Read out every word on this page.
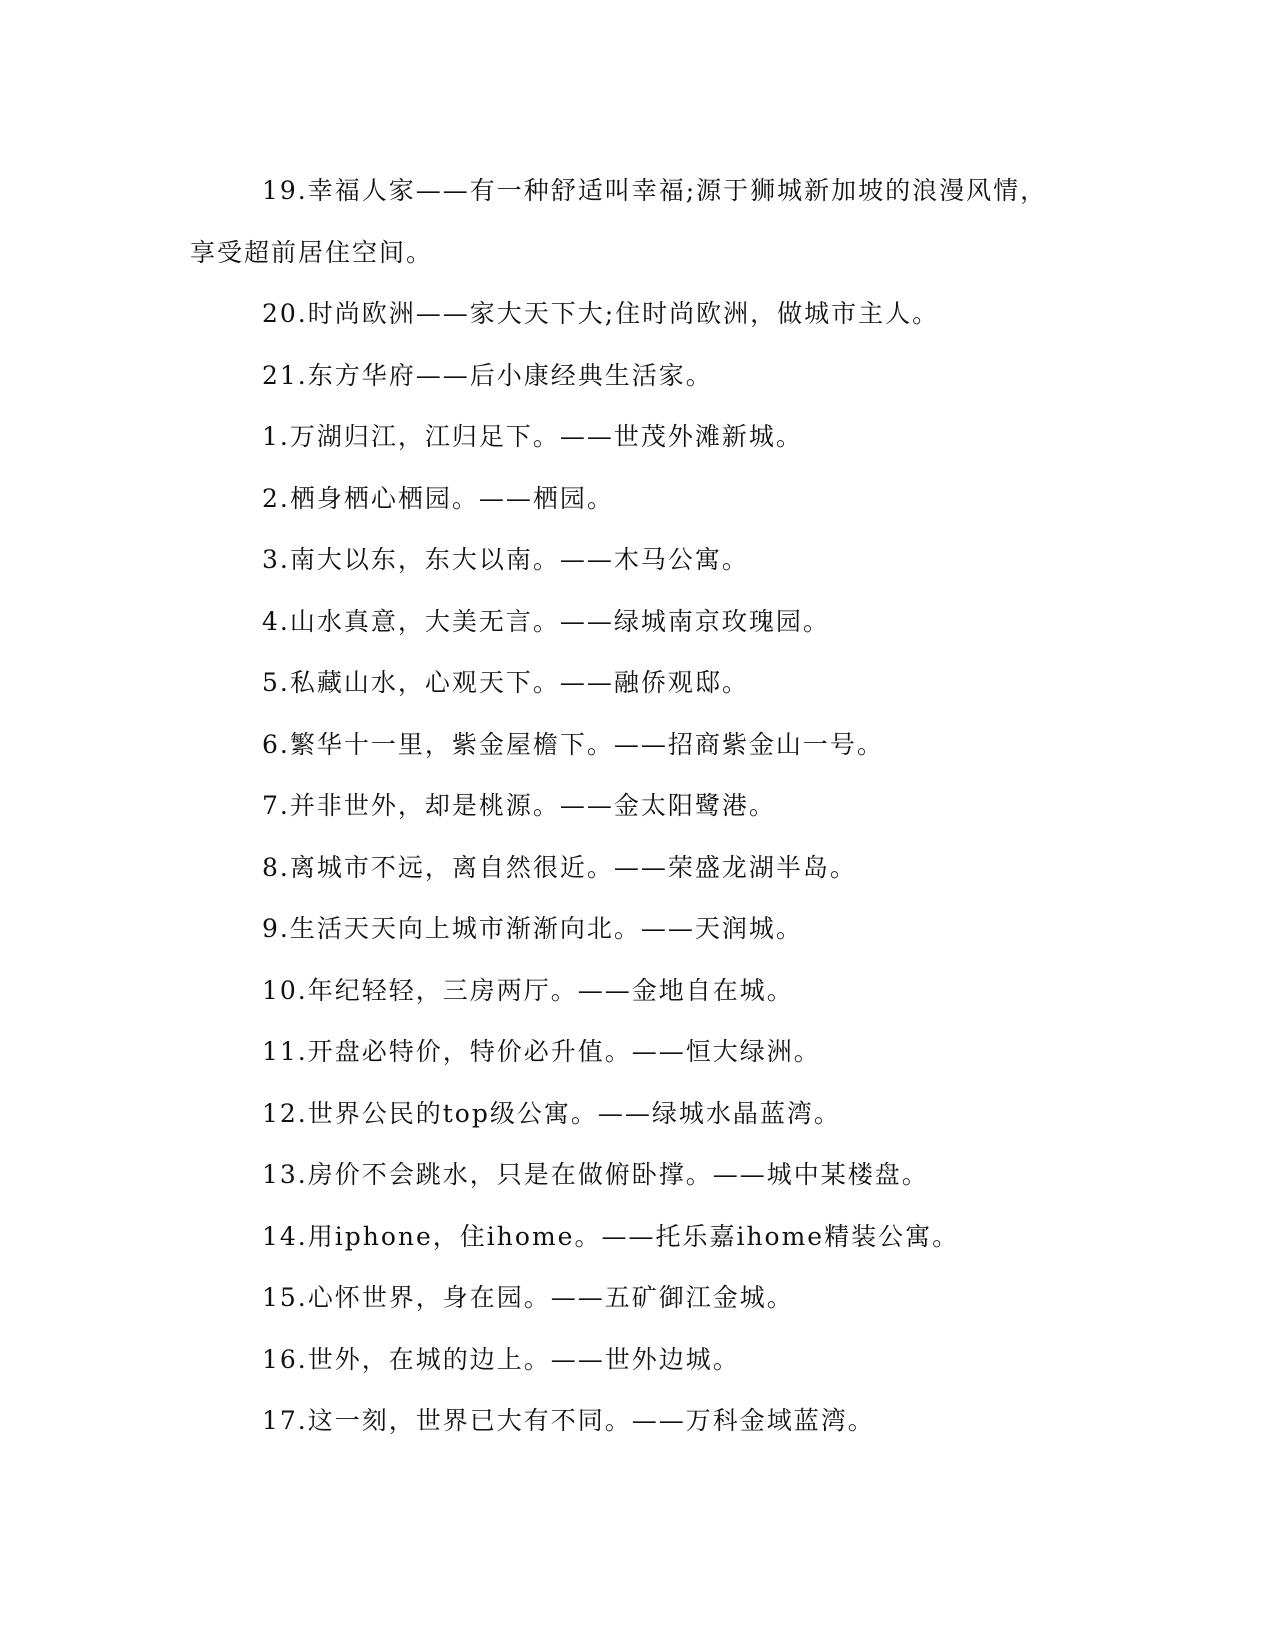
19.幸福人家——有一种舒适叫幸福;源于狮城新加坡的浪漫风情，享受超前居住空间。

20.时尚欧洲——家大天下大;住时尚欧洲，做城市主人。

21.东方华府——后小康经典生活家。

1.万湖归江，江归足下。——世茂外滩新城。

2.栖身栖心栖园。——栖园。

3.南大以东，东大以南。——木马公寓。

4.山水真意，大美无言。——绿城南京玫瑰园。

5.私藏山水，心观天下。——融侨观邸。

6.繁华十一里，紫金屋檐下。——招商紫金山一号。

7.并非世外，却是桃源。——金太阳鹭港。

8.离城市不远，离自然很近。——荣盛龙湖半岛。

9.生活天天向上城市渐渐向北。——天润城。

10.年纪轻轻，三房两厅。——金地自在城。

11.开盘必特价，特价必升值。——恒大绿洲。

12.世界公民的top级公寓。——绿城水晶蓝湾。

13.房价不会跳水，只是在做俯卧撑。——城中某楼盘。

14.用iphone，住ihome。——托乐嘉ihome精装公寓。

15.心怀世界，身在园。——五矿御江金城。

16.世外，在城的边上。——世外边城。

17.这一刻，世界已大有不同。——万科金域蓝湾。
